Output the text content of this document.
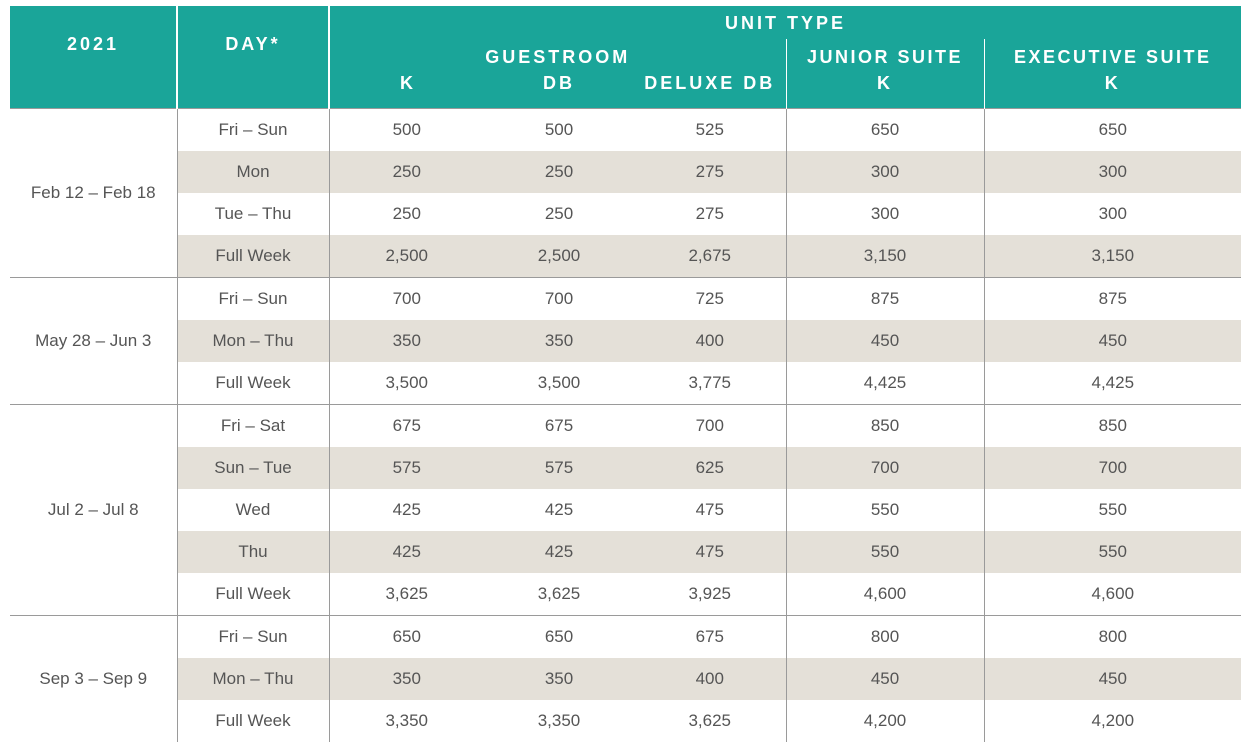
2021	DAY*	UNIT TYPE				
		GUESTROOM			JUNIOR SUITE	EXECUTIVE SUITE
		K	DB	DELUXE DB	K	K
Feb 12 – Feb 18	Fri – Sun	500	500	525	650	650
	Mon	250	250	275	300	300
	Tue – Thu	250	250	275	300	300
	Full Week	2,500	2,500	2,675	3,150	3,150
May 28 – Jun 3	Fri – Sun	700	700	725	875	875
	Mon – Thu	350	350	400	450	450
	Full Week	3,500	3,500	3,775	4,425	4,425
Jul 2 – Jul 8	Fri – Sat	675	675	700	850	850
	Sun – Tue	575	575	625	700	700
	Wed	425	425	475	550	550
	Thu	425	425	475	550	550
	Full Week	3,625	3,625	3,925	4,600	4,600
Sep 3 – Sep 9	Fri – Sun	650	650	675	800	800
	Mon – Thu	350	350	400	450	450
	Full Week	3,350	3,350	3,625	4,200	4,200
